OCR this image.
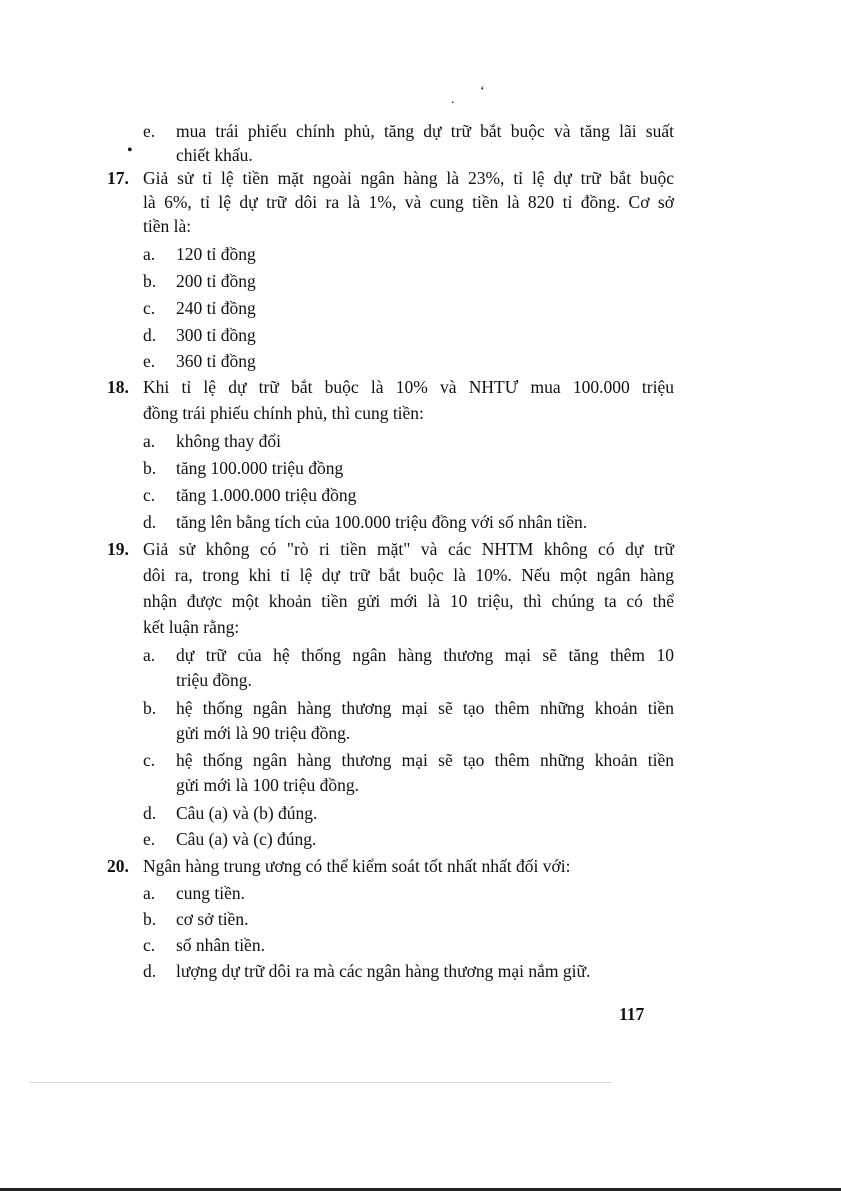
ʻ
.
e. mua trái phiếu chính phủ, tăng dự trữ bắt buộc và tăng lãi suất
• chiết khấu.
17. Giả sử tỉ lệ tiền mặt ngoài ngân hàng là 23%, tỉ lệ dự trữ bắt buộc
là 6%, tỉ lệ dự trữ dôi ra là 1%, và cung tiền là 820 tỉ đồng. Cơ sở
tiền là:
a. 120 tỉ đồng
b. 200 tỉ đồng
c. 240 tỉ đồng
d. 300 tỉ đồng
e. 360 tỉ đồng
18. Khi tỉ lệ dự trữ bắt buộc là 10% và NHTƯ mua 100.000 triệu
đồng trái phiếu chính phủ, thì cung tiền:
a. không thay đổi
b. tăng 100.000 triệu đồng
c. tăng 1.000.000 triệu đồng
d. tăng lên bằng tích của 100.000 triệu đồng với số nhân tiền.
19. Giả sử không có "rò ri tiền mặt" và các NHTM không có dự trữ
dôi ra, trong khi tỉ lệ dự trữ bắt buộc là 10%. Nếu một ngân hàng
nhận được một khoản tiền gửi mới là 10 triệu, thì chúng ta có thể
kết luận rằng:
a. dự trữ của hệ thống ngân hàng thương mại sẽ tăng thêm 10
triệu đồng.
b. hệ thống ngân hàng thương mại sẽ tạo thêm những khoản tiền
gửi mới là 90 triệu đồng.
c. hệ thống ngân hàng thương mại sẽ tạo thêm những khoản tiền
gửi mới là 100 triệu đồng.
d. Câu (a) và (b) đúng.
e. Câu (a) và (c) đúng.
20. Ngân hàng trung ương có thể kiểm soát tốt nhất nhất đối với:
a. cung tiền.
b. cơ sở tiền.
c. số nhân tiền.
d. lượng dự trữ dôi ra mà các ngân hàng thương mại nắm giữ.
117
